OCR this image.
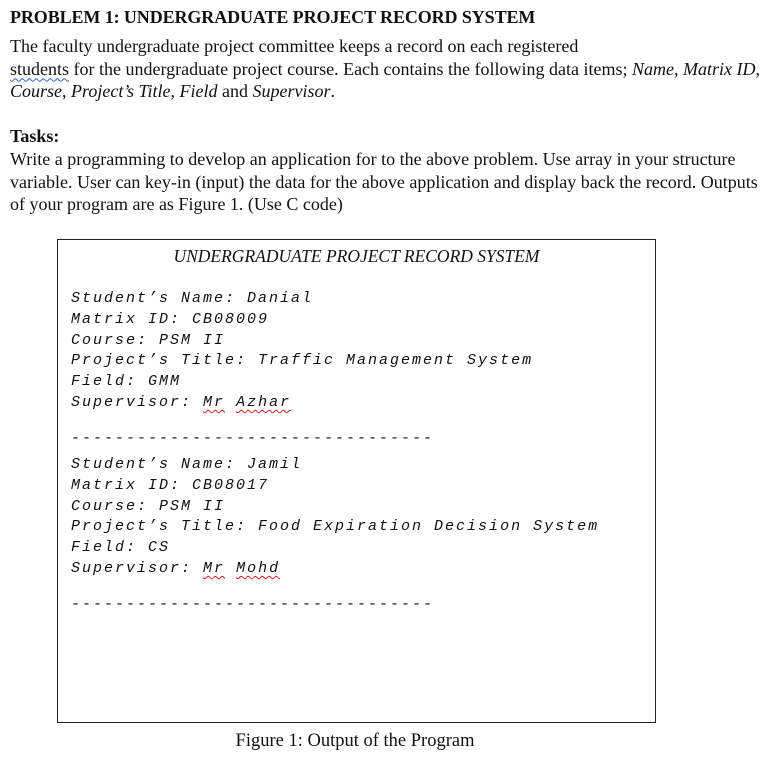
PROBLEM 1: UNDERGRADUATE PROJECT RECORD SYSTEM
The faculty undergraduate project committee keeps a record on each registered
students for the undergraduate project course. Each contains the following data items; Name, Matrix ID, Course, Project’s Title, Field and Supervisor.
Tasks:
Write a programming to develop an application for to the above problem. Use array in your structure variable. User can key-in (input) the data for the above application and display back the record. Outputs of your program are as Figure 1. (Use C code)
UNDERGRADUATE PROJECT RECORD SYSTEM
Student’s Name: Danial
Matrix ID: CB08009
Course: PSM II
Project’s Title: Traffic Management System
Field: GMM
Supervisor: Mr Azhar
---------------------------------
Student’s Name: Jamil
Matrix ID: CB08017
Course: PSM II
Project’s Title: Food Expiration Decision System
Field: CS
Supervisor: Mr Mohd
---------------------------------
Figure 1: Output of the Program
